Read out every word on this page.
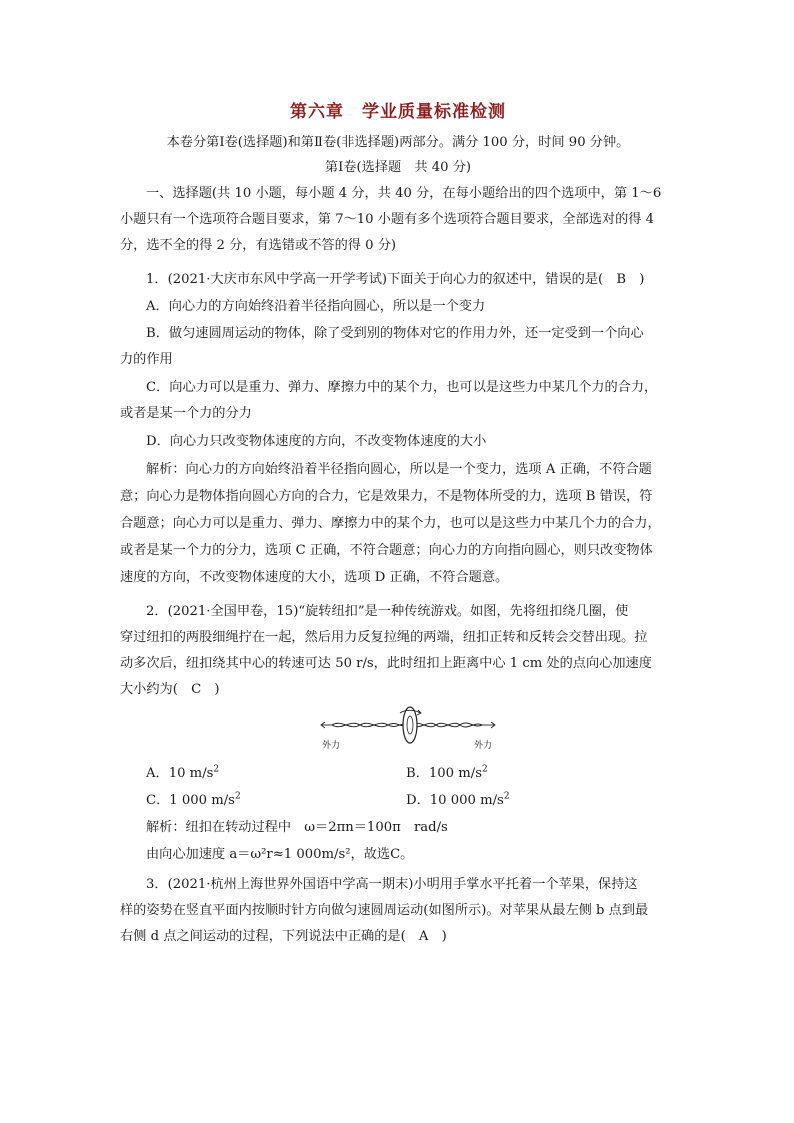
第六章　学业质量标准检测
本卷分第Ⅰ卷(选择题)和第Ⅱ卷(非选择题)两部分。满分 100 分，时间 90 分钟。
第Ⅰ卷(选择题　共 40 分)
一、选择题(共 10 小题，每小题 4 分，共 40 分，在每小题给出的四个选项中，第 1～6
小题只有一个选项符合题目要求，第 7～10 小题有多个选项符合题目要求，全部选对的得 4
分，选不全的得 2 分，有选错或不答的得 0 分)
1．(2021·大庆市东风中学高一开学考试)下面关于向心力的叙述中，错误的是(　B　)
A．向心力的方向始终沿着半径指向圆心，所以是一个变力
B．做匀速圆周运动的物体，除了受到别的物体对它的作用力外，还一定受到一个向心
力的作用
C．向心力可以是重力、弹力、摩擦力中的某个力，也可以是这些力中某几个力的合力，
或者是某一个力的分力
D．向心力只改变物体速度的方向，不改变物体速度的大小
解析：向心力的方向始终沿着半径指向圆心，所以是一个变力，选项 A 正确，不符合题
意；向心力是物体指向圆心方向的合力，它是效果力，不是物体所受的力，选项 B 错误，符
合题意；向心力可以是重力、弹力、摩擦力中的某个力，也可以是这些力中某几个力的合力，
或者是某一个力的分力，选项 C 正确，不符合题意；向心力的方向指向圆心，则只改变物体
速度的方向，不改变物体速度的大小，选项 D 正确，不符合题意。
2．(2021·全国甲卷，15)“旋转纽扣”是一种传统游戏。如图，先将纽扣绕几圈，使
穿过纽扣的两股细绳拧在一起，然后用力反复拉绳的两端，纽扣正转和反转会交替出现。拉
动多次后，纽扣绕其中心的转速可达 50 r/s，此时纽扣上距离中心 1 cm 处的点向心加速度
大小约为(　C　)
外力	外力
A．10 $m/s^2$	B．100 $m/s^2$
C．1 000 $m/s^2$	D．10 000 $m/s^2$
解析：纽扣在转动过程中　ω＝2πn＝100π　rad/s
由向心加速度 a＝ω²r≈1 000m/s²，故选C。
3．(2021·杭州上海世界外国语中学高一期末)小明用手掌水平托着一个苹果，保持这
样的姿势在竖直平面内按顺时针方向做匀速圆周运动(如图所示)。对苹果从最左侧 b 点到最
右侧 d 点之间运动的过程，下列说法中正确的是(　A　)
